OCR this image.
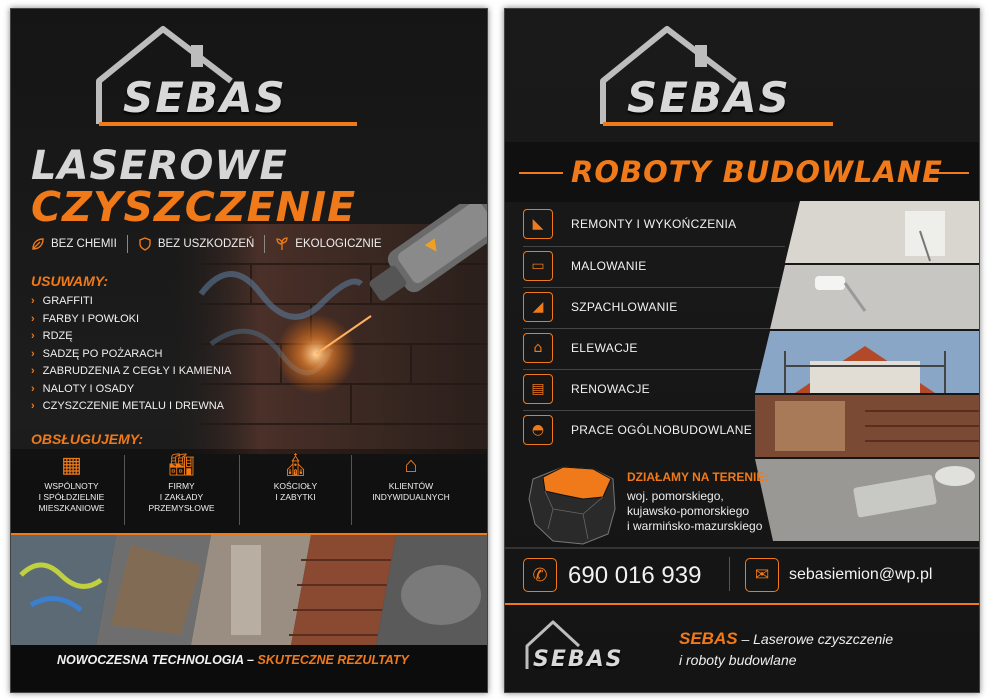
SEBAS
LASEROWE
CZYSZCZENIE
BEZ CHEMII	BEZ USZKODZEŃ	EKOLOGICZNIE
USUWAMY:
› GRAFFITI
› FARBY I POWŁOKI
› RDZĘ
› SADZĘ PO POŻARACH
› ZABRUDZENIA Z CEGŁY I KAMIENIA
› NALOTY I OSADY
› CZYSZCZENIE METALU I DREWNA
OBSŁUGUJEMY:
▦
WSPÓLNOTY
I SPÓŁDZIELNIE
MIESZKANIOWE
🏭︎
FIRMY
I ZAKŁADY
PRZEMYSŁOWE
⛪︎
KOŚCIOŁY
I ZABYTKI
⌂
KLIENTÓW
INDYWIDUALNYCH
NOWOCZESNA TECHNOLOGIA – SKUTECZNE REZULTATY
SEBAS
ROBOTY BUDOWLANE
◣	REMONTY I WYKOŃCZENIA
▭	MALOWANIE
◢	SZPACHLOWANIE
⌂	ELEWACJE
▤	RENOWACJE
◓	PRACE OGÓLNOBUDOWLANE
DZIAŁAMY NA TERENIE:
woj. pomorskiego,
kujawsko-pomorskiego
i warmińsko-mazurskiego
✆ 690 016 939	✉	sebasiemion@wp.pl
SEBAS
SEBAS – Laserowe czyszczenie
i roboty budowlane
